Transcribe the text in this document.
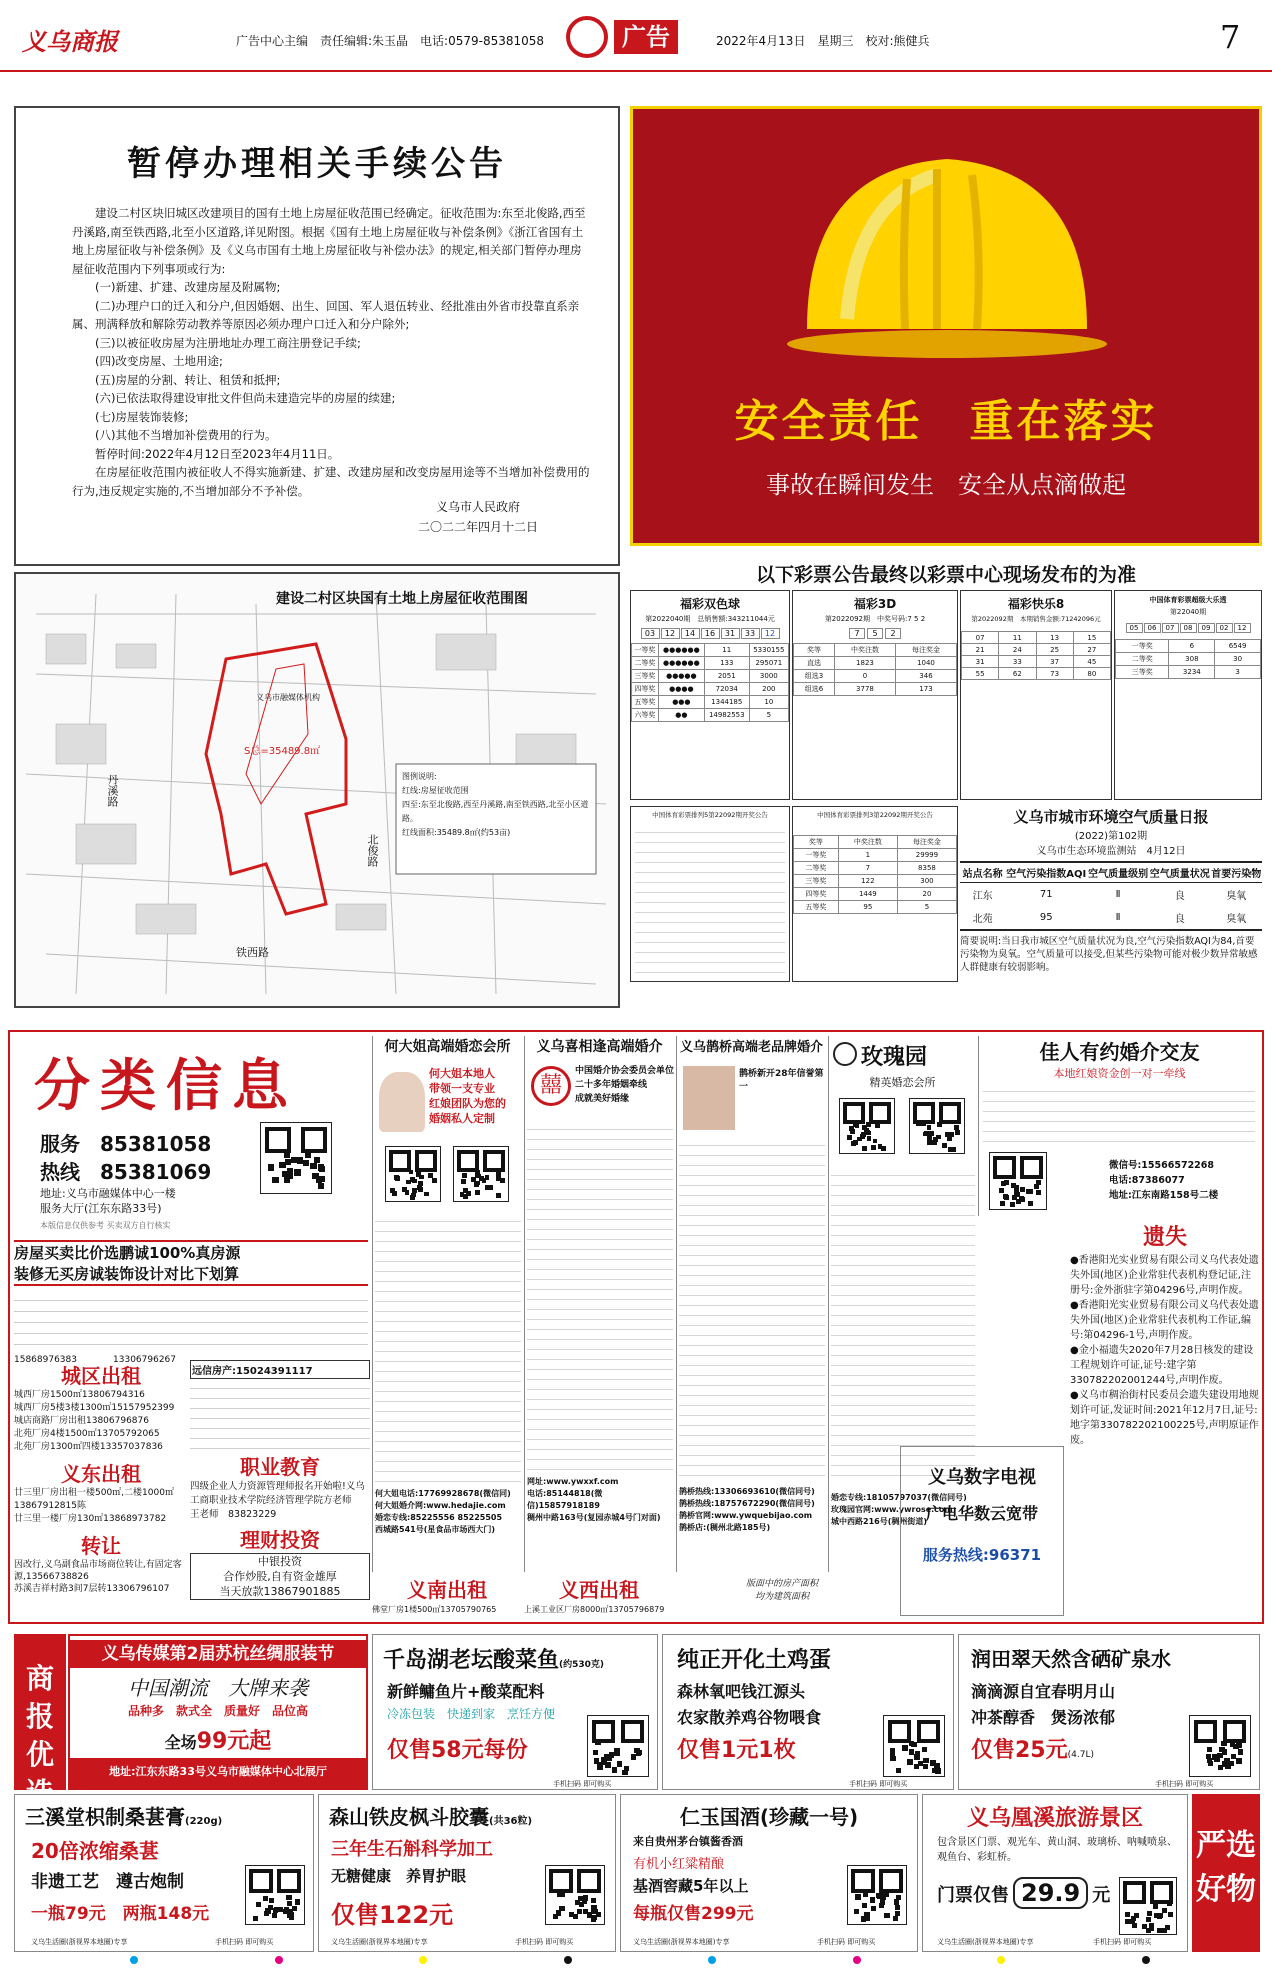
义乌商报	广告中心主编　责任编辑:朱玉晶　电话:0579-85381058	广告	2022年4月13日　星期三　校对:熊健兵	7
暂停办理相关手续公告

建设二村区块旧城区改建项目的国有土地上房屋征收范围已经确定。征收范围为:东至北俊路,西至丹溪路,南至铁西路,北至小区道路,详见附图。根据《国有土地上房屋征收与补偿条例》《浙江省国有土地上房屋征收与补偿条例》及《义乌市国有土地上房屋征收与补偿办法》的规定,相关部门暂停办理房屋征收范围内下列事项或行为:

(一)新建、扩建、改建房屋及附属物;

(二)办理户口的迁入和分户,但因婚姻、出生、回国、军人退伍转业、经批准由外省市投靠直系亲属、刑满释放和解除劳动教养等原因必须办理户口迁入和分户除外;

(三)以被征收房屋为注册地址办理工商注册登记手续;

(四)改变房屋、土地用途;

(五)房屋的分割、转让、租赁和抵押;

(六)已依法取得建设审批文件但尚未建造完毕的房屋的续建;

(七)房屋装饰装修;

(八)其他不当增加补偿费用的行为。

暂停时间:2022年4月12日至2023年4月11日。

在房屋征收范围内被征收人不得实施新建、扩建、改建房屋和改变房屋用途等不当增加补偿费用的行为,违反规定实施的,不当增加部分不予补偿。

义乌市人民政府
二〇二二年四月十二日
建设二村区块国有土地上房屋征收范围图
丹溪路
北俊路
铁西路
S总=35489.8㎡
义乌市融媒体机构
图例说明:
红线:房屋征收范围
四至:东至北俊路,西至丹溪路,南至铁西路,北至小区道路。
红线面积:35489.8㎡(约53亩)
安全责任　重在落实
事故在瞬间发生　安全从点滴做起
以下彩票公告最终以彩票中心现场发布的为准
福彩双色球
第2022040期　总销售额:343211044元
03	12	14	16	31	33	12
一等奖	●●●●●●	11	5330155
二等奖	●●●●●●	133	295071
三等奖	●●●●●	2051	3000
四等奖	●●●●	72034	200
五等奖	●●●	1344185	10
六等奖	●●	14982553	5
福彩3D
第2022092期　中奖号码:7 5 2
7	5	2
奖等	中奖注数	每注奖金
直选	1823	1040
组选3	0	346
组选6	3778	173
福彩快乐8
第2022092期　本期销售金额:71242096元
07	11	13	15
21	24	25	27
31	33	37	45
55	62	73	80
中国体育彩票超级大乐透
第22040期
05	06	07	08	09	02	12
一等奖	6	6549
二等奖	308	30
三等奖	3234	3
中国体育彩票排列5第22092期开奖公告	中国体育彩票排列3第22092期开奖公告
奖等	中奖注数	每注奖金
一等奖	1	29999
二等奖	7	8358
三等奖	122	300
四等奖	1449	20
五等奖	95	5
义乌市城市环境空气质量日报
(2022)第102期
义乌市生态环境监测站　4月12日
站点名称	空气污染指数AQI	空气质量级别	空气质量状况	首要污染物
江东	71	Ⅱ	良	臭氧
北苑	95	Ⅱ	良	臭氧
简要说明:当日我市城区空气质量状况为良,空气污染指数AQI为84,首要污染物为臭氧。空气质量可以接受,但某些污染物可能对极少数异常敏感人群健康有较弱影响。
分类信息
服务　 85381058
热线　 85381069
地址:义乌市融媒体中心一楼
服务大厅(江东东路33号)
本版信息仅供参考 买卖双方自行核实
房屋买卖比价选鹏诚100%真房源
装修无买房诚装饰设计对比下划算
15868976383　　　　	13306796267
城区出租
城西厂房1500㎡13806794316
城西厂房5楼3楼1300㎡15157952399
城店商路厂房出租13806796876
北苑厂房4楼1500㎡13705792065
北苑厂房1300㎡四楼13357037836
义东出租
廿三里厂房出租一楼500㎡,二楼1000㎡13867912815陈
廿三里一楼厂房130㎡13868973782
转让
因改行,义乌副食品市场商位转让,有固定客源,13566738826
苏溪吉祥村路3间7层转13306796107
远信房产:15024391117
职业教育
四级企业人力资源管理师报名开始啦!义乌工商职业技术学院经济管理学院方老师　王老师　83823229
理财投资
中银投资
合作炒股,自有资金雄厚
当天放款13867901885
何大姐高端婚恋会所
何大姐本地人
带领一支专业
红娘团队为您的
婚姻私人定制
何大姐电话:17769928678(微信同)
何大姐婚介网:www.hedajie.com
婚恋专线:85225556 85225505
西城路541号(星食品市场西大门)
义乌喜相逢高端婚介
囍
中国婚介协会委员会单位
二十多年婚姻牵线
成就美好婚缘
网址:www.ywxxf.com
电话:85144818(微信)15857918189
稠州中路163号(复园赤城4号门对面)
义乌鹊桥高端老品牌婚介
鹊桥新开28年信誉第一
鹊桥热线:13306693610(微信同号)
鹊桥热线:18757672290(微信同号)
鹊桥官网:www.ywquebijao.com
鹊桥店:(稠州北路185号)
玫瑰园
精英婚恋会所
婚恋专线:18105797037(微信同号)
玫瑰园官网:www.ywrose.com
城中西路216号(稠州街道)
佳人有约婚介交友
本地红娘资金创一对一牵线
微信号:15566572268
电话:87386077
地址:江东南路158号二楼
遗失
●香港阳光实业贸易有限公司义乌代表处遗失外国(地区)企业常驻代表机构登记证,注册号:金外浙驻字第04296号,声明作废。
●香港阳光实业贸易有限公司义乌代表处遗失外国(地区)企业常驻代表机构工作证,编号:第04296-1号,声明作废。
●金小福遗失2020年7月28日核发的建设工程规划许可证,证号:建字第330782202001244号,声明作废。
●义乌市稠治街村民委员会遗失建设用地规划许可证,发证时间:2021年12月7日,证号:地字第330782202100225号,声明原证作废。
义乌数字电视
广电华数云宽带
服务热线:96371
义南出租	义西出租	版面中的房产面积
均为建筑面积
佛堂厂房1楼500㎡13705790765	上溪工业区厂房8000㎡13705796879
商报
优选
义乌传媒第2届苏杭丝绸服装节
中国潮流　大牌来袭
品种多　款式全　质量好　品位高
全场99元起
地址:江东东路33号义乌市融媒体中心北展厅
千岛湖老坛酸菜鱼(约530克)
新鲜鳙鱼片+酸菜配料
冷冻包装　快递到家　烹饪方便
仅售58元每份
手机扫码 即可购买
纯正开化土鸡蛋
森林氧吧钱江源头
农家散养鸡谷物喂食
仅售1元1枚
手机扫码 即可购买
润田翠天然含硒矿泉水
滴滴源自宜春明月山
冲茶醇香　煲汤浓郁
仅售25元(4.7L)
手机扫码 即可购买
三溪堂枳制桑葚膏(220g)
20倍浓缩桑葚
非遗工艺　遵古炮制
一瓶79元　两瓶148元
义乌生活圈(浙视界本地圈)专享	手机扫码 即可购买
森山铁皮枫斗胶囊(共36粒)
三年生石斛科学加工
无糖健康　养胃护眼
仅售122元
义乌生活圈(浙视界本地圈)专享	手机扫码 即可购买
仁玉国酒(珍藏一号)
来自贵州茅台镇酱香酒
有机小红粱精酿
基酒窖藏5年以上
每瓶仅售299元
义乌生活圈(浙视界本地圈)专享	手机扫码 即可购买
义乌凰溪旅游景区
包含景区门票、观光车、黄山洞、玻璃桥、呐喊喷泉、观鱼台、彩虹桥。
门票仅售 29.9 元
义乌生活圈(浙视界本地圈)专享	手机扫码 即可购买
严选
好物
